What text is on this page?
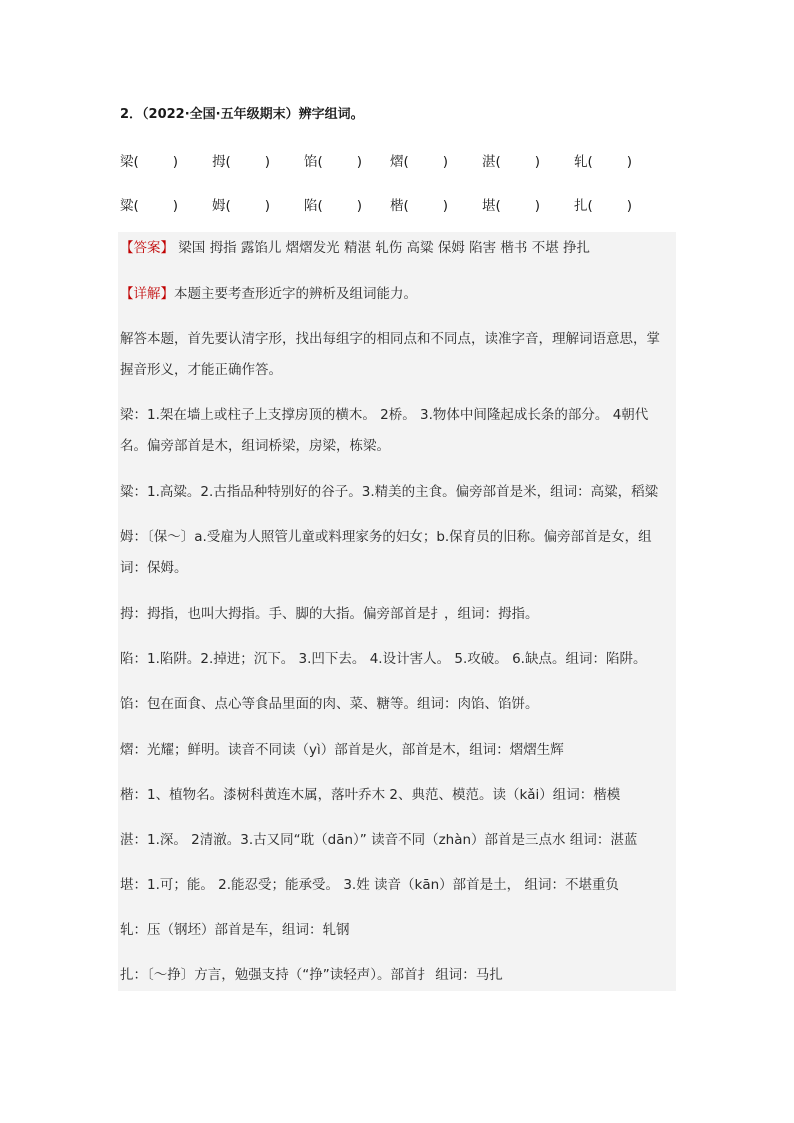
2．（2022·全国·五年级期末）辨字组词。
梁(	)	拇(	)	馅(	) 熠(	)	湛(	)	轧(	)
粱(	)	姆(	)	陷(	) 楷(	)	堪(	)	扎(	)
【答案】 梁国 拇指 露馅儿 熠熠发光 精湛 轧伤 高粱 保姆 陷害 楷书 不堪 挣扎
【详解】本题主要考查形近字的辨析及组词能力。
解答本题，首先要认清字形，找出每组字的相同点和不同点，读准字音，理解词语意思，掌
握音形义，才能正确作答。
梁：1.架在墙上或柱子上支撑房顶的横木。 2桥。 3.物体中间隆起成长条的部分。 4朝代
名。偏旁部首是木，组词桥梁，房梁，栋梁。
粱：1.高粱。2.古指品种特别好的谷子。3.精美的主食。偏旁部首是米，组词：高粱，稻粱
姆：〔保～〕a.受雇为人照管儿童或料理家务的妇女；b.保育员的旧称。偏旁部首是女，组
词：保姆。
拇：拇指，也叫大拇指。手、脚的大指。偏旁部首是扌，组词：拇指。
陷：1.陷阱。2.掉进；沉下。 3.凹下去。 4.设计害人。 5.攻破。 6.缺点。组词：陷阱。
馅：包在面食、点心等食品里面的肉、菜、糖等。组词：肉馅、馅饼。
熠：光耀；鲜明。读音不同读（yì）部首是火，部首是木，组词：熠熠生辉
楷：1、植物名。漆树科黄连木属，落叶乔木 2、典范、模范。读（kǎi）组词：楷模
湛：1.深。 2清澈。3.古又同“耽（dān）” 读音不同（zhàn）部首是三点水 组词：湛蓝
堪：1.可；能。 2.能忍受；能承受。 3.姓 读音（kān）部首是土， 组词：不堪重负
轧：压（钢坯）部首是车，组词：轧钢
扎：〔～挣〕方言，勉强支持（“挣”读轻声）。部首扌 组词：马扎
